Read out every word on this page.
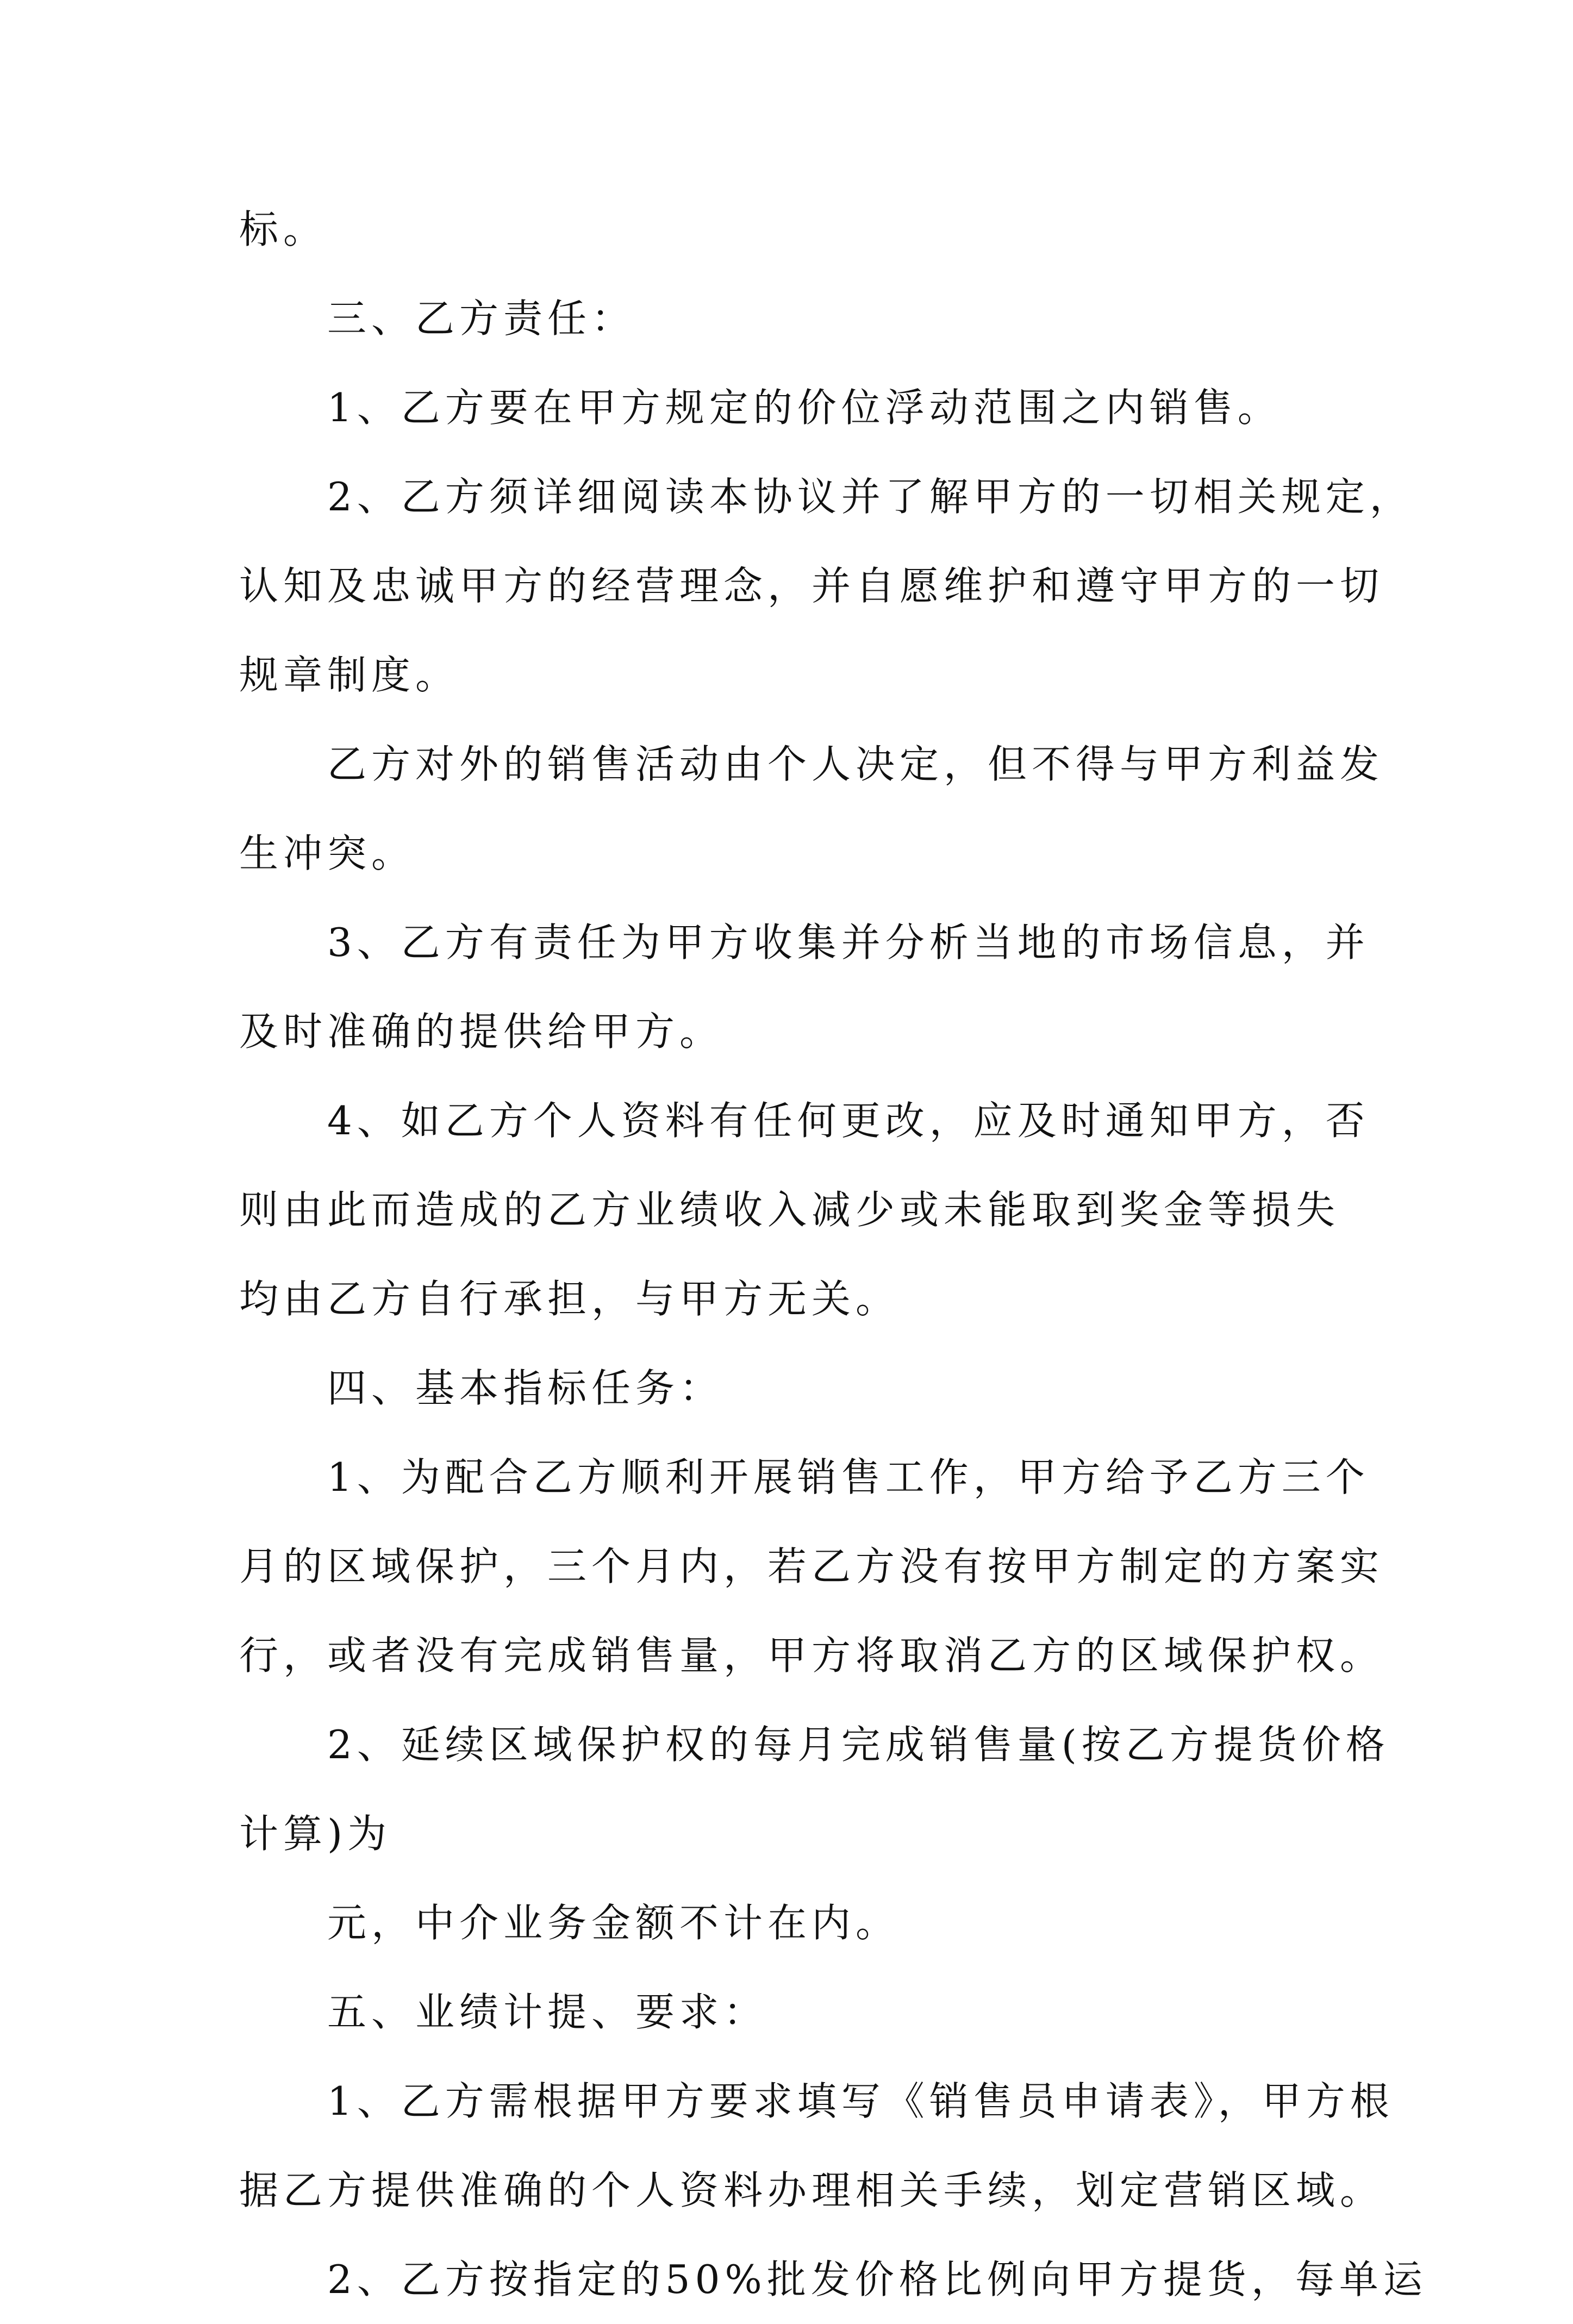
标。

三、乙方责任：

1、乙方要在甲方规定的价位浮动范围之内销售。

2、乙方须详细阅读本协议并了解甲方的一切相关规定，

认知及忠诚甲方的经营理念，并自愿维护和遵守甲方的一切

规章制度。

乙方对外的销售活动由个人决定，但不得与甲方利益发

生冲突。

3、乙方有责任为甲方收集并分析当地的市场信息，并

及时准确的提供给甲方。

4、如乙方个人资料有任何更改，应及时通知甲方，否

则由此而造成的乙方业绩收入减少或未能取到奖金等损失

均由乙方自行承担，与甲方无关。

四、基本指标任务：

1、为配合乙方顺利开展销售工作，甲方给予乙方三个

月的区域保护，三个月内，若乙方没有按甲方制定的方案实

行，或者没有完成销售量，甲方将取消乙方的区域保护权。

2、延续区域保护权的每月完成销售量(按乙方提货价格

计算)为

元，中介业务金额不计在内。

五、业绩计提、要求：

1、乙方需根据甲方要求填写《销售员申请表》，甲方根

据乙方提供准确的个人资料办理相关手续，划定营销区域。

2、乙方按指定的50%批发价格比例向甲方提货，每单运
